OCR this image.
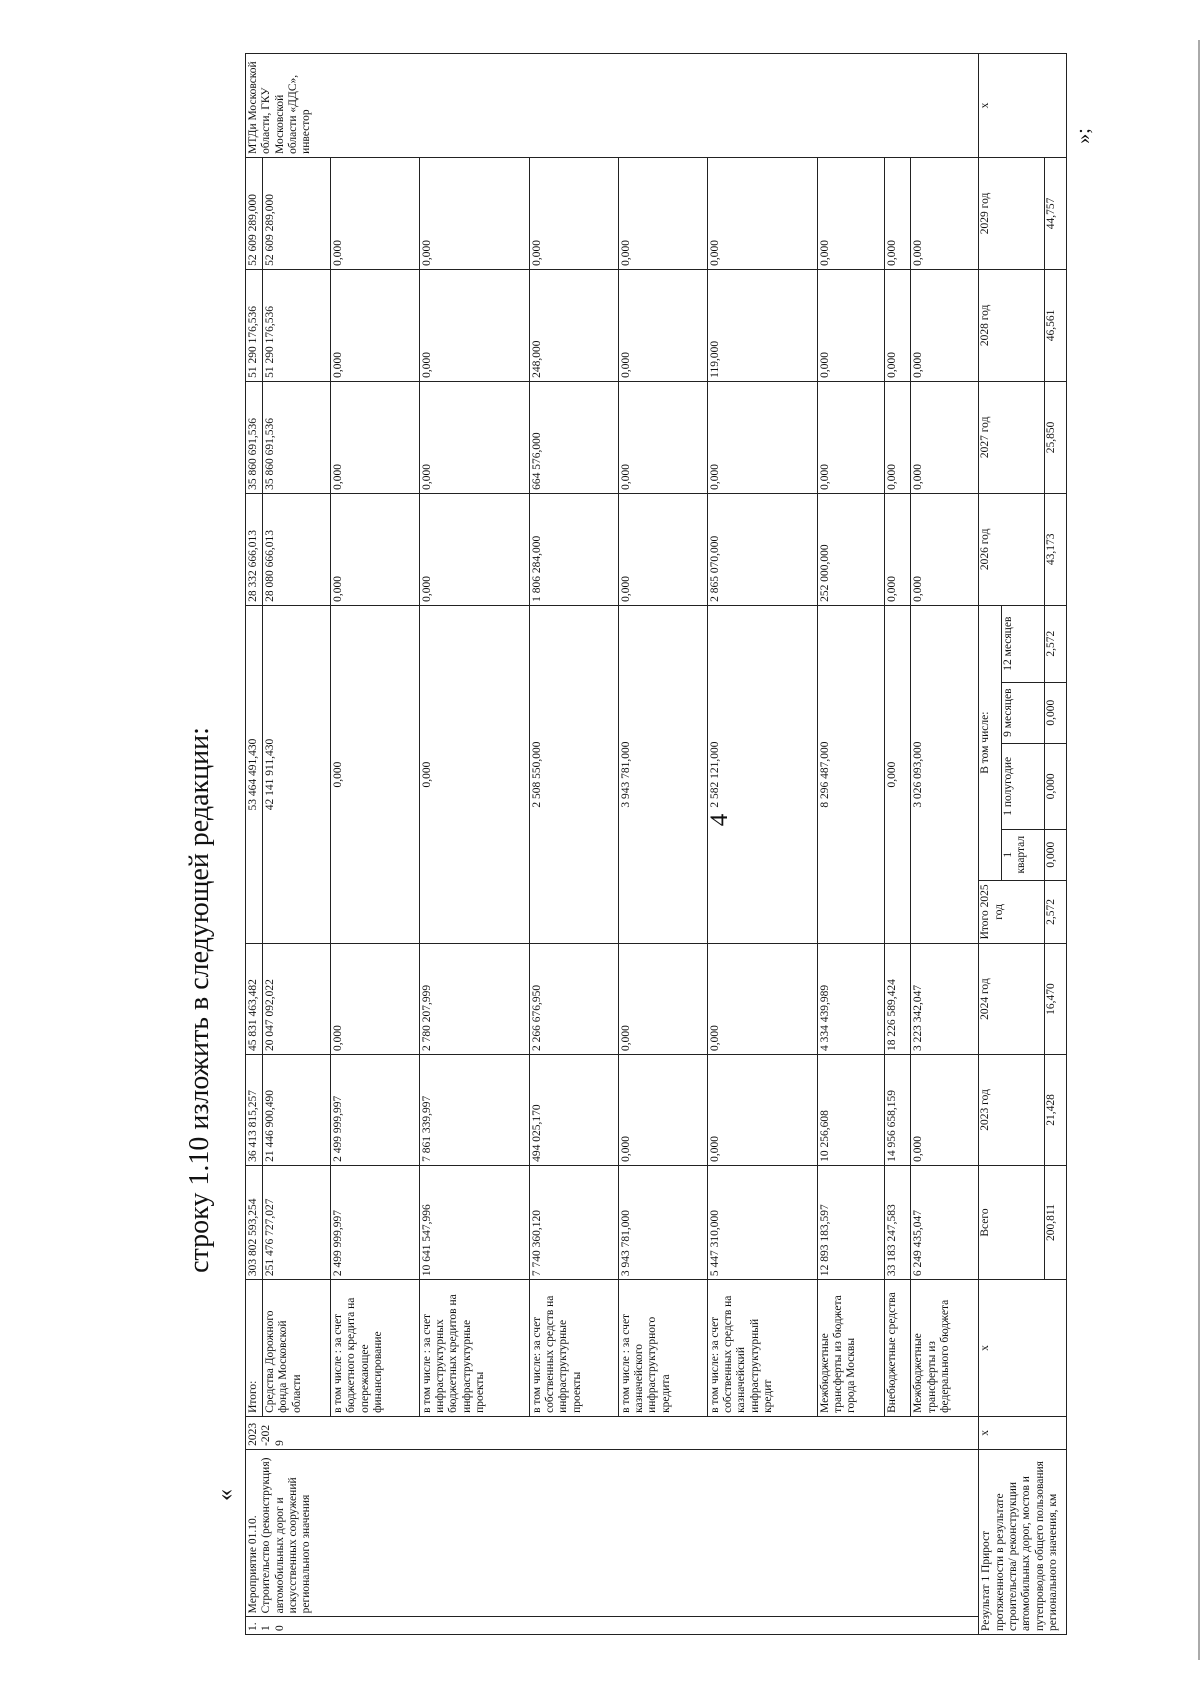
4
строку 1.10 изложить в следующей редакции:
«
»;
1.10	Мероприятие 01.10. Строительство (реконструкция) автомобильных дорог и искусственных сооружений регионального значения	2023-2029	Итого:	303 802 593,254	36 413 815,257	45 831 463,482	53 464 491,430					28 332 666,013	35 860 691,536	51 290 176,536	52 609 289,000	МТДи Московской области, ГКУ Московской области «ДДС», инвестор
			Средства Дорожного фонда Московской области	251 476 727,027	21 446 900,490	20 047 092,022	42 141 911,430					28 080 666,013	35 860 691,536	51 290 176,536	52 609 289,000	
			в том числе : за счет бюджетного кредита на опережающее финансирование	2 499 999,997	2 499 999,997	0,000	0,000					0,000	0,000	0,000	0,000	
			в том числе : за счет инфраструктурных бюджетных кредитов на инфраструктурные проекты	10 641 547,996	7 861 339,997	2 780 207,999	0,000					0,000	0,000	0,000	0,000	
			в том числе: за счет собственных средств на инфраструктурные проекты	7 740 360,120	494 025,170	2 266 676,950	2 508 550,000					1 806 284,000	664 576,000	248,000	0,000	
			в том числе : за счет казначейского инфраструктурного кредита	3 943 781,000	0,000	0,000	3 943 781,000					0,000	0,000	0,000	0,000	
			в том числе: за счет собственных средств на казначейский инфраструктурный кредит	5 447 310,000	0,000	0,000	2 582 121,000					2 865 070,000	0,000	119,000	0,000	
			Межбюджетные трансферты из бюджета города Москвы	12 893 183,597	10 256,608	4 334 439,989	8 296 487,000					252 000,000	0,000	0,000	0,000	
			Внебюджетные средства	33 183 247,583	14 956 658,159	18 226 589,424	0,000					0,000	0,000	0,000	0,000	
			Межбюджетные трансферты из федерального бюджета	6 249 435,047	0,000	3 223 342,047	3 026 093,000					0,000	0,000	0,000	0,000	
Результат 1 Прирост протяженности в результате строительства/ реконструкции автомобильных дорог, мостов и путепроводов общего пользования регионального значения, км		x	x	Всего	2023 год	2024 год	Итого 2025 год	В том числе:				2026 год	2027 год	2028 год	2029 год	x
								1 квартал	1 полугодие	9 месяцев	12 месяцев					
				200,811	21,428	16,470	2,572	0,000	0,000	0,000	2,572	43,173	25,850	46,561	44,757	
